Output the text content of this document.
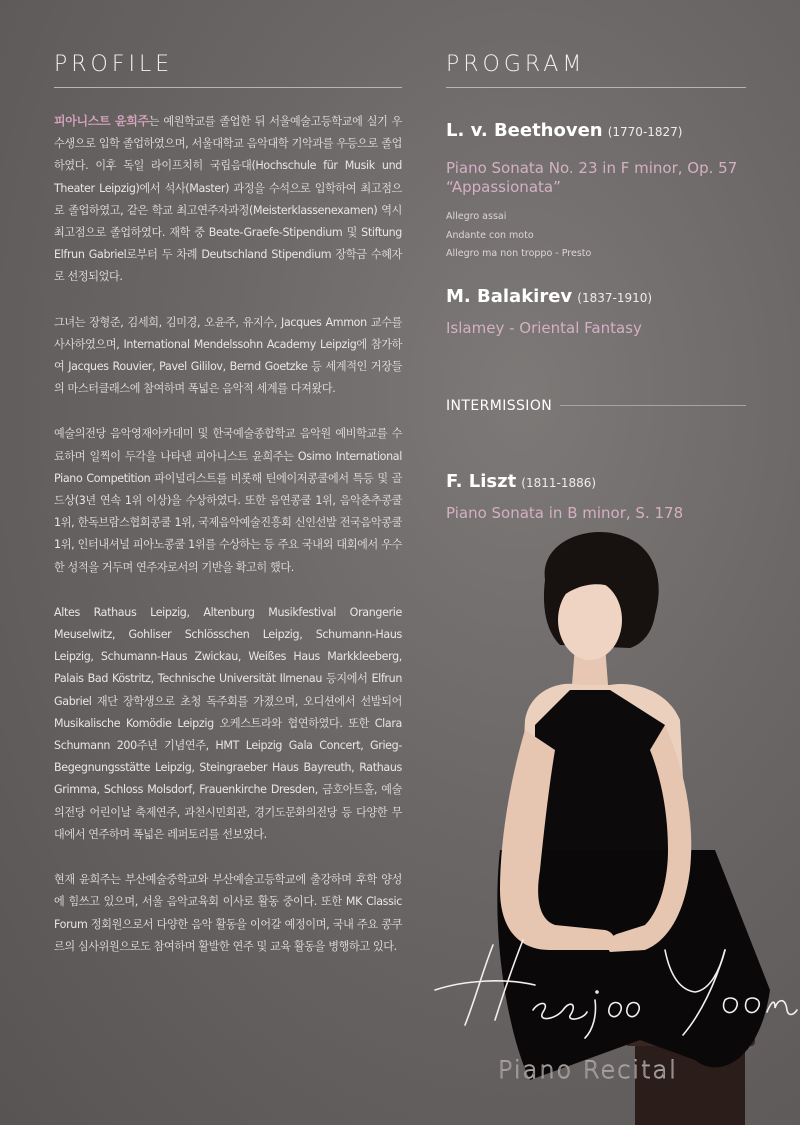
PROFILE

피아니스트 윤희주는 예원학교를 졸업한 뒤 서울예술고등학교에 실기 우수생으로 입학 졸업하였으며, 서울대학교 음악대학 기악과를 우등으로 졸업하였다. 이후 독일 라이프치히 국립음대(Hochschule für Musik und Theater Leipzig)에서 석사(Master) 과정을 수석으로 입학하여 최고점으로 졸업하였고, 같은 학교 최고연주자과정(Meisterklassenexamen) 역시 최고점으로 졸업하였다. 재학 중 Beate-Graefe-Stipendium 및 Stiftung Elfrun Gabriel로부터 두 차례 Deutschland Stipendium 장학금 수혜자로 선정되었다.

그녀는 장형준, 김세희, 김미경, 오윤주, 유지수, Jacques Ammon 교수를 사사하였으며, International Mendelssohn Academy Leipzig에 참가하여 Jacques Rouvier, Pavel Gililov, Bernd Goetzke 등 세계적인 거장들의 마스터클래스에 참여하며 폭넓은 음악적 세계를 다져왔다.

예술의전당 음악영재아카데미 및 한국예술종합학교 음악원 예비학교를 수료하며 일찍이 두각을 나타낸 피아니스트 윤희주는 Osimo International Piano Competition 파이널리스트를 비롯해 틴에이저콩쿨에서 특등 및 골드상(3년 연속 1위 이상)을 수상하였다. 또한 음연콩쿨 1위, 음악춘추콩쿨 1위, 한독브람스협회콩쿨 1위, 국제음악예술진흥회 신인선발 전국음악콩쿨 1위, 인터내셔널 피아노콩쿨 1위를 수상하는 등 주요 국내외 대회에서 우수한 성적을 거두며 연주자로서의 기반을 확고히 했다.

Altes Rathaus Leipzig, Altenburg Musikfestival Orangerie Meuselwitz, Gohliser Schlösschen Leipzig, Schumann-Haus Leipzig, Schumann-Haus Zwickau, Weißes Haus Markkleeberg, Palais Bad Köstritz, Technische Universität Ilmenau 등지에서 Elfrun Gabriel 재단 장학생으로 초청 독주회를 가졌으며, 오디션에서 선발되어 Musikalische Komödie Leipzig 오케스트라와 협연하였다. 또한 Clara Schumann 200주년 기념연주, HMT Leipzig Gala Concert, Grieg-Begegnungsstätte Leipzig, Steingraeber Haus Bayreuth, Rathaus Grimma, Schloss Molsdorf, Frauenkirche Dresden, 금호아트홀, 예술의전당 어린이날 축제연주, 과천시민회관, 경기도문화의전당 등 다양한 무대에서 연주하며 폭넓은 레퍼토리를 선보였다.

현재 윤희주는 부산예술중학교와 부산예술고등학교에 출강하며 후학 양성에 힘쓰고 있으며, 서울 음악교육회 이사로 활동 중이다. 또한 MK Classic Forum 정회원으로서 다양한 음악 활동을 이어갈 예정이며, 국내 주요 콩쿠르의 심사위원으로도 참여하며 활발한 연주 및 교육 활동을 병행하고 있다.

PROGRAM
L. v. Beethoven (1770-1827)
Piano Sonata No. 23 in F minor, Op. 57 “Appassionata”
Allegro assai
Andante con moto
Allegro ma non troppo - Presto
M. Balakirev (1837-1910)
Islamey - Oriental Fantasy
INTERMISSION
F. Liszt (1811-1886)
Piano Sonata in B minor, S. 178
Piano Recital
